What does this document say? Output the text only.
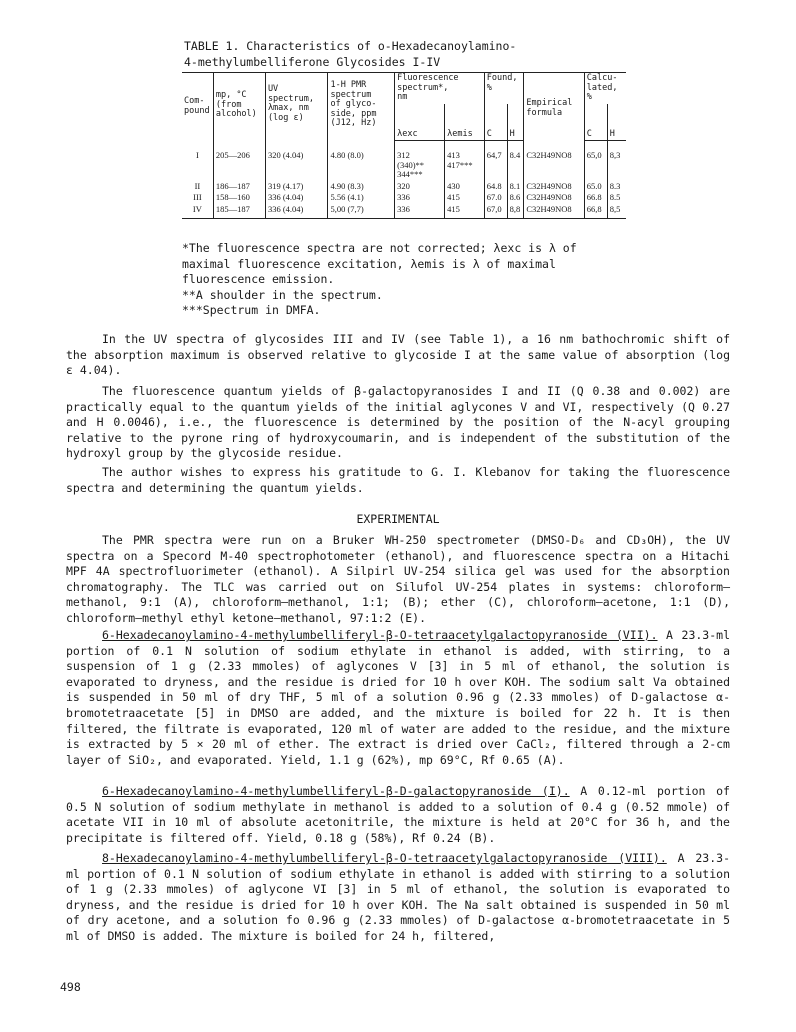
TABLE 1. Characteristics of o-Hexadecanoylamino-
4-methylumbelliferone Glycosides I-IV
Com-
pound	mp, °C
(from
alcohol)	UV
spectrum,
λmax, nm
(log ε)	1-H PMR
spectrum
of glyco-
side, ppm
(J12, Hz)	Fluorescence
spectrum*,
nm		Found,
%		Empirical
formula	Calcu-
lated,
%	
				λexc	λemis	C	H		C	H
I	205—206	320 (4.04)	4.80 (8.0)	312
(340)**
344***	413
417***	64,7	8.4	C32H49NO8	65,0	8,3
II	186—187	319 (4.17)	4.90 (8.3)	320	430	64.8	8.1	C32H49NO8	65.0	8.3
III	158—160	336 (4.04)	5.56 (4.1)	336	415	67.0	8.6	C32H49NO8	66.8	8.5
IV	185—187	336 (4.04)	5,00 (7,7)	336	415	67,0	8,8	C32H49NO8	66,8	8,5
*The fluorescence spectra are not corrected; λexc is λ of
maximal fluorescence excitation, λemis is λ of maximal
fluorescence emission.
**A shoulder in the spectrum.
***Spectrum in DMFA.

In the UV spectra of glycosides III and IV (see Table 1), a 16 nm bathochromic shift of the absorption maximum is observed relative to glycoside I at the same value of absorption (log ε 4.04).

The fluorescence quantum yields of β-galactopyranosides I and II (Q 0.38 and 0.002) are practically equal to the quantum yields of the initial aglycones V and VI, respectively (Q 0.27 and H 0.0046), i.e., the fluorescence is determined by the position of the N-acyl grouping relative to the pyrone ring of hydroxycoumarin, and is independent of the substitution of the hydroxyl group by the glycoside residue.

The author wishes to express his gratitude to G. I. Klebanov for taking the fluorescence spectra and determining the quantum yields.

EXPERIMENTAL

The PMR spectra were run on a Bruker WH-250 spectrometer (DMSO-D₆ and CD₃OH), the UV spectra on a Specord M-40 spectrophotometer (ethanol), and fluorescence spectra on a Hitachi MPF 4A spectrofluorimeter (ethanol). A Silpirl UV-254 silica gel was used for the absorption chromatography. The TLC was carried out on Silufol UV-254 plates in systems: chloroform—methanol, 9:1 (A), chloroform—methanol, 1:1; (B); ether (C), chloroform—acetone, 1:1 (D), chloroform—methyl ethyl ketone—methanol, 97:1:2 (E).

6-Hexadecanoylamino-4-methylumbelliferyl-β-O-tetraacetylgalactopyranoside (VII). A 23.3-ml portion of 0.1 N solution of sodium ethylate in ethanol is added, with stirring, to a suspension of 1 g (2.33 mmoles) of aglycones V [3] in 5 ml of ethanol, the solution is evaporated to dryness, and the residue is dried for 10 h over KOH. The sodium salt Va obtained is suspended in 50 ml of dry THF, 5 ml of a solution 0.96 g (2.33 mmoles) of D-galactose α-bromotetraacetate [5] in DMSO are added, and the mixture is boiled for 22 h. It is then filtered, the filtrate is evaporated, 120 ml of water are added to the residue, and the mixture is extracted by 5 × 20 ml of ether. The extract is dried over CaCl₂, filtered through a 2-cm layer of SiO₂, and evaporated. Yield, 1.1 g (62%), mp 69°C, Rf 0.65 (A).

6-Hexadecanoylamino-4-methylumbelliferyl-β-D-galactopyranoside (I). A 0.12-ml portion of 0.5 N solution of sodium methylate in methanol is added to a solution of 0.4 g (0.52 mmole) of acetate VII in 10 ml of absolute acetonitrile, the mixture is held at 20°C for 36 h, and the precipitate is filtered off. Yield, 0.18 g (58%), Rf 0.24 (B).

8-Hexadecanoylamino-4-methylumbelliferyl-β-O-tetraacetylgalactopyranoside (VIII). A 23.3-ml portion of 0.1 N solution of sodium ethylate in ethanol is added with stirring to a solution of 1 g (2.33 mmoles) of aglycone VI [3] in 5 ml of ethanol, the solution is evaporated to dryness, and the residue is dried for 10 h over KOH. The Na salt obtained is suspended in 50 ml of dry acetone, and a solution fo 0.96 g (2.33 mmoles) of D-galactose α-bromotetraacetate in 5 ml of DMSO is added. The mixture is boiled for 24 h, filtered,

498
